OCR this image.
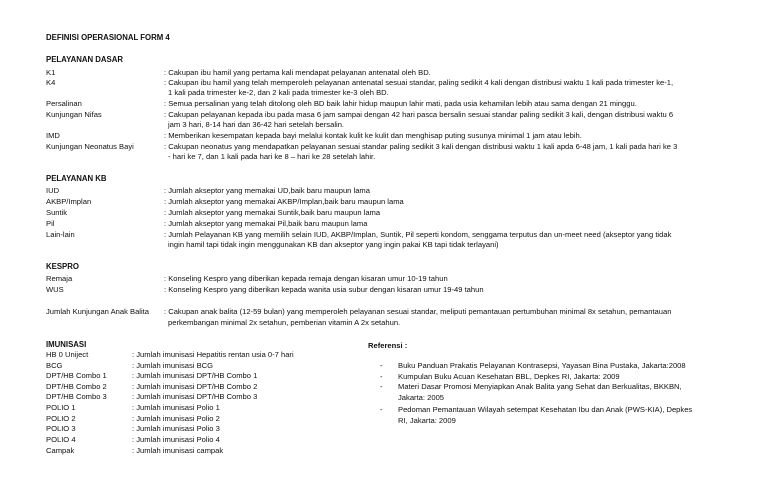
DEFINISI OPERASIONAL FORM 4
PELAYANAN DASAR
K1	: Cakupan ibu hamil yang pertama kali mendapat pelayanan antenatal oleh BD.
K4	: Cakupan ibu hamil yang telah memperoleh pelayanan antenatal sesuai standar, paling sedikit 4 kali dengan distribusi waktu 1 kali pada trimester ke-1,
1 kali pada trimester ke-2, dan 2 kali pada trimester ke-3 oleh BD.
Persalinan	: Semua persalinan yang telah ditolong oleh BD baik lahir hidup maupun lahir mati, pada usia kehamilan lebih atau sama dengan 21 minggu.
Kunjungan Nifas	: Cakupan pelayanan kepada ibu pada masa 6 jam sampai dengan 42 hari pasca bersalin sesuai standar paling sedikit 3 kali, dengan distribusi waktu 6
jam 3 hari, 8-14 hari dan 36-42 hari setelah bersalin.
IMD	: Memberikan kesempatan kepada bayi melalui kontak kulit ke kulit dan menghisap puting susunya minimal 1 jam atau lebih.
Kunjungan Neonatus Bayi	: Cakupan neonatus yang mendapatkan pelayanan sesuai standar paling sedikit 3 kali dengan distribusi waktu 1 kali apda 6-48 jam, 1 kali pada hari ke 3
- hari ke 7, dan 1 kali pada hari ke 8 – hari ke 28 setelah lahir.
PELAYANAN KB
IUD	: Jumlah akseptor yang memakai UD,baik baru maupun lama
AKBP/Implan	: Jumlah akseptor yang memakai AKBP/Implan,baik baru maupun lama
Suntik	: Jumlah akseptor yang memakai Suntik,baik baru maupun lama
Pil	: Jumlah akseptor yang memakai Pil,baik baru maupun lama
Lain-lain	: Jumlah Pelayanan KB yang memilih selain IUD, AKBP/Implan, Suntik, Pil seperti kondom, senggama terputus dan un-meet need (akseptor yang tidak
ingin hamil tapi tidak ingin menggunakan KB dan akseptor yang ingin pakai KB tapi tidak terlayani)
KESPRO
Remaja	: Konseling Kespro yang diberikan kepada remaja dengan kisaran umur 10-19 tahun
WUS	: Konseling Kespro yang diberikan kepada wanita usia subur dengan kisaran umur 19-49 tahun
Jumlah Kunjungan Anak Balita : Cakupan anak balita (12-59 bulan) yang memperoleh pelayanan sesuai standar, meliputi pemantauan pertumbuhan minimal 8x setahun, pemantauan
perkembangan minimal 2x setahun, pemberian vitamin A 2x setahun.
IMUNISASI
HB 0 Uniject	: Jumlah imunisasi Hepatitis rentan usia 0-7 hari
BCG	: Jumlah imunisasi BCG
DPT/HB Combo 1	: Jumlah imunisasi DPT/HB Combo 1
DPT/HB Combo 2	: Jumlah imunisasi DPT/HB Combo 2
DPT/HB Combo 3	: Jumlah imunisasi DPT/HB Combo 3
POLIO 1	: Jumlah imunisasi Polio 1
POLIO 2	: Jumlah imunisasi Polio 2
POLIO 3	: Jumlah imunisasi Polio 3
POLIO 4	: Jumlah imunisasi Polio 4
Campak	: Jumlah imunisasi campak
Referensi :
- Buku Panduan Prakatis Pelayanan Kontrasepsi, Yayasan Bina Pustaka, Jakarta:2008
- Kumpulan Buku Acuan Kesehatan BBL, Depkes RI, Jakarta: 2009
- Materi Dasar Promosi Menyiapkan Anak Balita yang Sehat dan Berkualitas, BKKBN,
Jakarta: 2005
- Pedoman Pemantauan Wilayah setempat Kesehatan Ibu dan Anak (PWS-KIA), Depkes
RI, Jakarta: 2009
